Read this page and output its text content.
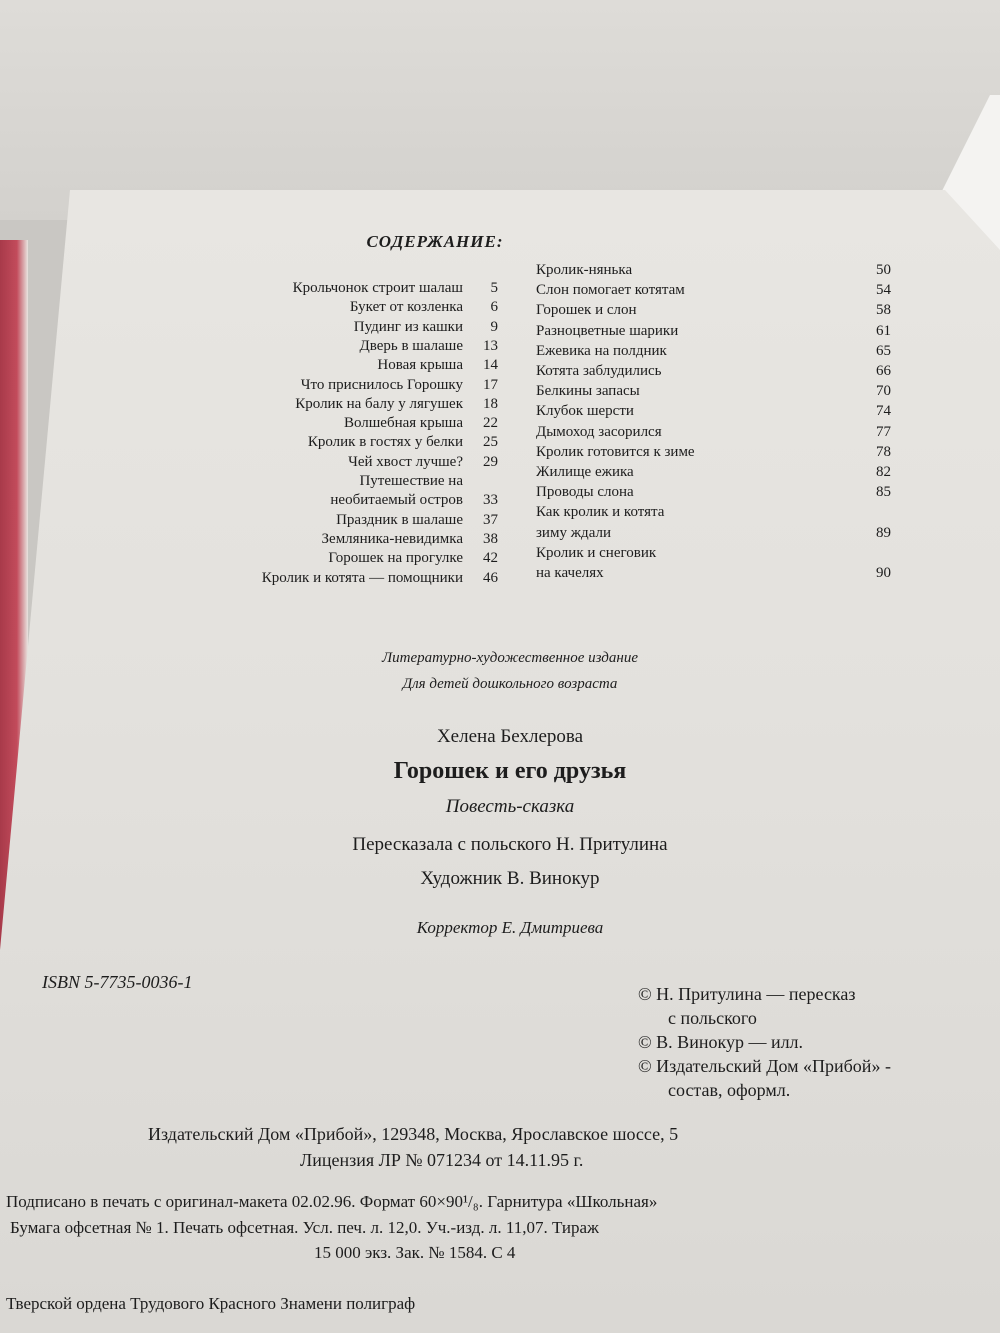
СОДЕРЖАНИЕ:
Крольчонок строит шалаш 5
Букет от козленка 6
Пудинг из кашки 9
Дверь в шалаше 13
Новая крыша 14
Что приснилось Горошку 17
Кролик на балу у лягушек 18
Волшебная крыша 22
Кролик в гостях у белки 25
Чей хвост лучше? 29
Путешествие на
необитаемый остров 33
Праздник в шалаше 37
Земляника-невидимка 38
Горошек на прогулке 42
Кролик и котята — помощники 46
Кролик-нянька	50
Слон помогает котятам	54
Горошек и слон	58
Разноцветные шарики	61
Ежевика на полдник	65
Котята заблудились	66
Белкины запасы	70
Клубок шерсти	74
Дымоход засорился	77
Кролик готовится к зиме	78
Жилище ежика	82
Проводы слона	85
Как кролик и котята
зиму ждали	89
Кролик и снеговик
на качелях	90
Литературно-художественное издание
Для детей дошкольного возраста
Хелена Бехлерова
Горошек и его друзья
Повесть-сказка
Пересказала с польского Н. Притулина
Художник В. Винокур
Корректор Е. Дмитриева
ISBN 5-7735-0036-1
© Н. Притулина — пересказ
с польского
© В. Винокур — илл.
© Издательский Дом «Прибой» -
состав, оформл.
Издательский Дом «Прибой», 129348, Москва, Ярославское шоссе, 5
Лицензия ЛР № 071234 от 14.11.95 г.
Подписано в печать с оригинал-макета 02.02.96. Формат 60×90¹/₈. Гарнитура «Школьная»
Бумага офсетная № 1. Печать офсетная. Усл. печ. л. 12,0. Уч.-изд. л. 11,07. Тираж
15 000 экз. Зак. № 1584. С 4
Тверской ордена Трудового Красного Знамени полиграф
